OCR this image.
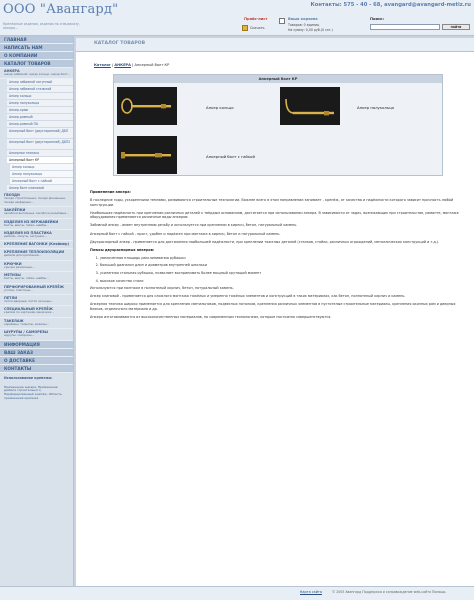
ООО "Авангард"
Крепёжные изделия, изделия по спецзаказу, анкера...
Контакты: 575 - 40 - 68, avangard@avangard-metiz.ru
Прайс-лист
Скачать
Ваша корзина
Товаров: 0 единиц
На сумму: 0,00 руб.(0 сэт.)
Поиск:
найти
ГЛАВНАЯ
НАПИСАТЬ НАМ
О КОМПАНИИ
КАТАЛОГ ТОВАРОВ
АНКЕРА
анкер забивной, анкер кольцо, анкер-болт...
Анкер забивной латунный
Анкер забивной стальной
Анкер кольцо
Анкер полукольцо
Анкер-крюк
Анкер-рамный
Анкер-рамный ПА
Анкерный болт (двусторонний) ДБП
Анкерный болт (двусторонний) ДБП2
Анкерная техника
Анкерный болт КР
Анкер кольцо
Анкер полукольцо
Анкерный болт с гайкой
Анкер болт клиновой
ГВОЗДИ
гвозди строительные, гвозди финишные, гвозди шиферные...
ЗАКЛЁПКИ
заклёпки вытяжные, заклёпки резьбовые...
ИЗДЕЛИЯ ИЗ НЕРЖАВЕЙКИ
болты, винты, гайки, шайбы...
ИЗДЕЛИЯ ИЗ ПЛАСТИКА
дюбели, хомуты, заглушки...
КРЕПЛЕНИЕ ВАГОНКИ (Кляймер)
КРЕПЛЕНИЕ ТЕПЛОИЗОЛЯЦИИ
дюбели для крепления...
КРЮЧКИ
крючки различные...
МЕТИЗЫ
болты, винты, гайки, шайбы...
ПЕРФОРИРОВАННЫЙ КРЕПЁЖ
уголки, пластины...
ПЕТЛИ
петли дверные, петли оконные...
СПЕЦИАЛЬНЫЙ КРЕПЁЖ
крепёж по чертежам заказчика...
ТАКЕЛАЖ
карабины, талрепы, зажимы...
ШУРУПЫ / САМОРЕЗЫ
шурупы, саморезы...
ИНФОРМАЦИЯ
ВАШ ЗАКАЗ
О ДОСТАВКЕ
КОНТАКТЫ
Использование крепежа:
Применение анкера, Применение дюбеля строительного, Перфорированный крепёж, Область применения крепежа
КАТАЛОГ ТОВАРОВ
Каталог | АНКЕРА | Анкерный болт КР
Анкерный болт КР
Анкер кольцо	Анкер полукольцо
Анкерный болт с гайкой

Применение анкера:

В последние годы, ускоренными темпами, развиваются строительные технологии. Важнее всего в этом направлении занимает - крепёж, от качества и надёжности которого зависит прочность любой конструкции.

Наибольшая надёжность при креплении различных деталей к твёрдым основаниям, достигается при использовании анкера. В зависимости от задач, возникающих при строительстве, ремонте, монтаже оборудования применяются различные виды анкеров:

Забивной анкер - имеет внутреннюю резьбу и используется при креплении в кирпич, бетон, натуральный камень.

Анкерный болт с гайкой - прост, удобен и надёжен при монтаже в кирпич, бетон и натуральный камень.

Двухраспорный анкер - применяется для достижения наибольшей надёжности, при креплении тяжелых деталей (станков, стойки, различных ограждений, металлических конструкций и т.д.).

Плюсы двухраспорных анкеров:

1. увеличенная площадь расклинивания рубашки
2. большой диапазон длин и диаметров внутренней шпильки
3. усиленная стальная рубашка, позволяет воспринимать более мощный крутящий момент
4. высокое качество стали

Используются при монтаже в полнотелый кирпич, бетон, натуральный камень.

Анкер клиновой - применяется для сложного монтажа тяжёлых и умеренно тяжёлых элементов и конструкций в таких материалах, как бетон, полнотелый кирпич и камень.

Анкерная техника широко применяется для крепления светильников, подвесных потолков, крепления различных элементов в пустотелые строительные материалы, крепления оконных рам и дверных блоков, отделочного материала и др.

Анкера изготавливаются из высококачественных материалов, по современным технологиям, которые постоянно совершенствуются.

Карта сайта	© 2005 Авангард Поддержка и сопровождение web-сайта Помощь
